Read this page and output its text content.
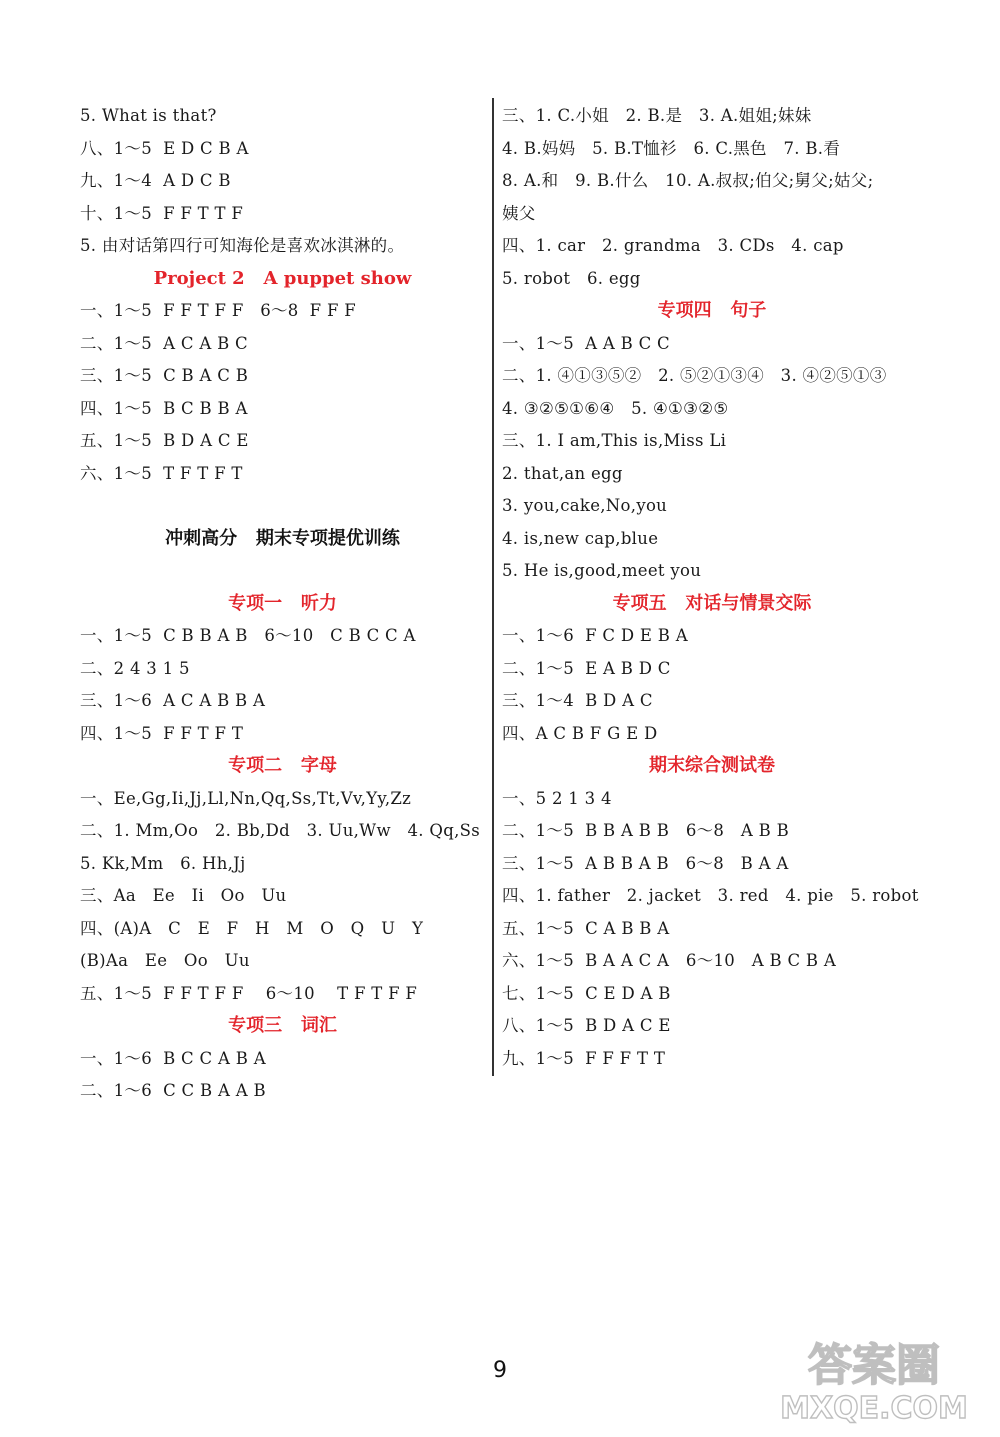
5. What is that?
八、1～5  E D C B A
九、1～4  A D C B
十、1～5  F F T T F
5. 由对话第四行可知海伦是喜欢冰淇淋的。
Project 2   A puppet show
一、1～5  F F T F F   6～8  F F F
二、1～5  A C A B C
三、1～5  C B A C B
四、1～5  B C B B A
五、1～5  B D A C E
六、1～5  T F T F T
冲刺高分   期末专项提优训练
专项一   听力
一、1～5  C B B A B   6～10   C B C C A
二、2 4 3 1 5
三、1～6  A C A B B A
四、1～5  F F T F T
专项二   字母
一、Ee,Gg,Ii,Jj,Ll,Nn,Qq,Ss,Tt,Vv,Yy,Zz
二、1. Mm,Oo   2. Bb,Dd   3. Uu,Ww   4. Qq,Ss
5. Kk,Mm   6. Hh,Jj
三、Aa   Ee   Ii   Oo   Uu
四、(A)A   C   E   F   H   M   O   Q   U   Y
(B)Aa   Ee   Oo   Uu
五、1～5  F F T F F    6～10    T F T F F
专项三   词汇
一、1～6  B C C A B A
二、1～6  C C B A A B
三、1. C.小姐   2. B.是   3. A.姐姐;妹妹
4. B.妈妈   5. B.T恤衫   6. C.黑色   7. B.看
8. A.和   9. B.什么   10. A.叔叔;伯父;舅父;姑父;
姨父
四、1. car   2. grandma   3. CDs   4. cap
5. robot   6. egg
专项四   句子
一、1～5  A A B C C
二、1. ④①③⑤②   2. ⑤②①③④   3. ④②⑤①③
4. ③②⑤①⑥④   5. ④①③②⑤
三、1. I am,This is,Miss Li
2. that,an egg
3. you,cake,No,you
4. is,new cap,blue
5. He is,good,meet you
专项五   对话与情景交际
一、1～6  F C D E B A
二、1～5  E A B D C
三、1～4  B D A C
四、A C B F G E D
期末综合测试卷
一、5 2 1 3 4
二、1～5  B B A B B   6～8   A B B
三、1～5  A B B A B   6～8   B A A
四、1. father   2. jacket   3. red   4. pie   5. robot
五、1～5  C A B B A
六、1～5  B A A C A   6～10   A B C B A
七、1～5  C E D A B
八、1～5  B D A C E
九、1～5  F F F T T
9	答案圈
MXQE.COM
